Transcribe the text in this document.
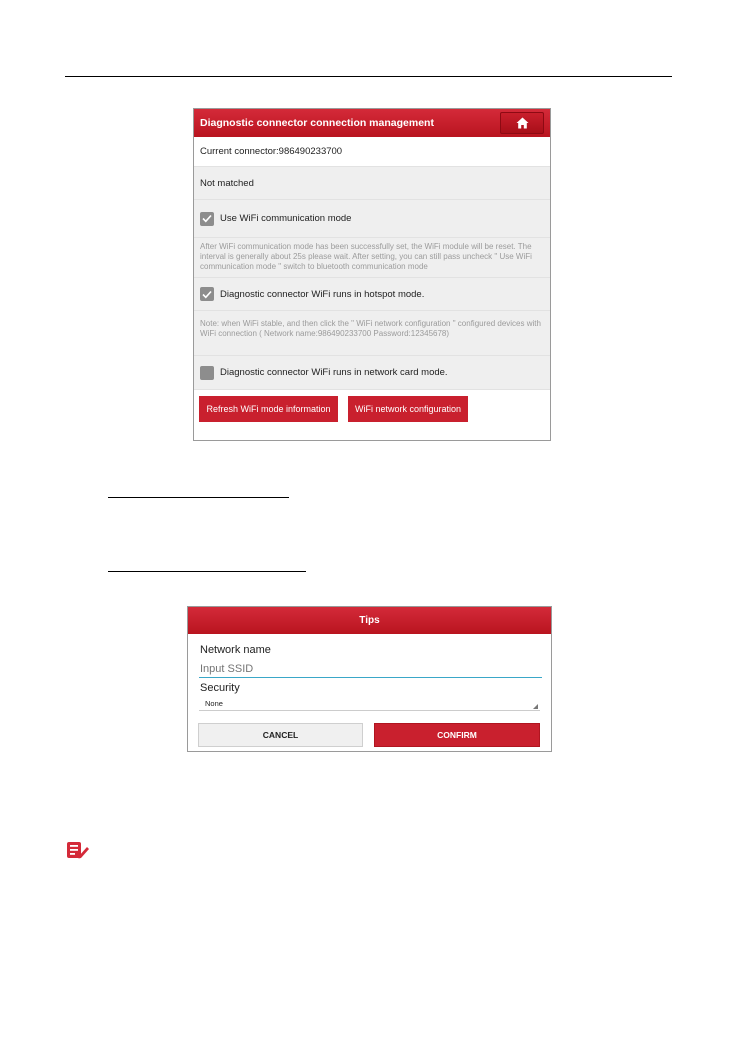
Diagnostic connector connection management
Current connector:986490233700
Not matched
Use WiFi communication mode
After WiFi communication mode has been successfully set, the WiFi module will be reset. The interval is generally about 25s please wait. After setting, you can still pass uncheck " Use WiFi communication mode " switch to bluetooth communication mode
Diagnostic connector WiFi runs in hotspot mode.
Note: when WiFi stable, and then click the " WiFi network configuration " configured devices with WiFi connection ( Network name:986490233700 Password:12345678)
Diagnostic connector WiFi runs in network card mode.
Refresh WiFi mode information	WiFi network configuration
Tips
Network name
Input SSID
Security
None
CANCEL	CONFIRM
